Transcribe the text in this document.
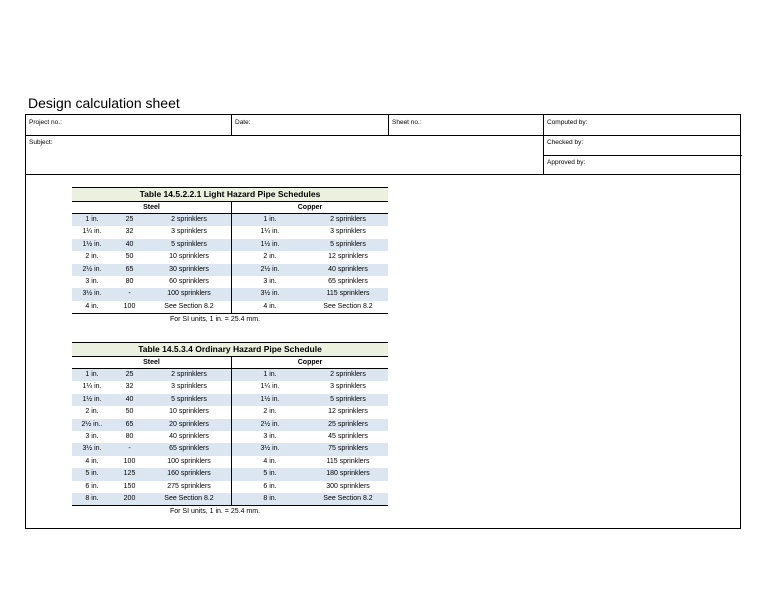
Design calculation sheet
Project no.:	Date:	Sheet no.:	Computed by:
Subject:	Checked by:
Approved by:
Table 14.5.2.2.1 Light Hazard Pipe Schedules
Steel	Copper
1 in.	25	2 sprinklers	1 in.	2 sprinklers
1¼ in.	32	3 sprinklers	1¼ in.	3 sprinklers
1½ in.	40	5 sprinklers	1½ in.	5 sprinklers
2 in.	50	10 sprinklers	2 in.	12 sprinklers
2½ in.	65	30 sprinklers	2½ in.	40 sprinklers
3 in.	80	60 sprinklers	3 in.	65 sprinklers
3½ in.	-	100 sprinklers	3½ in.	115 sprinklers
4 in.	100	See Section 8.2	4 in.	See Section 8.2
For SI units, 1 in. = 25.4 mm.
Table 14.5.3.4 Ordinary Hazard Pipe Schedule
Steel	Copper
1 in.	25	2 sprinklers	1 in.	2 sprinklers
1¼ in.	32	3 sprinklers	1¼ in.	3 sprinklers
1½ in.	40	5 sprinklers	1½ in.	5 sprinklers
2 in.	50	10 sprinklers	2 in.	12 sprinklers
2½ in..	65	20 sprinklers	2½ in.	25 sprinklers
3 in.	80	40 sprinklers	3 in.	45 sprinklers
3½ in.	-	65 sprinklers	3½ in.	75 sprinklers
4 in.	100	100 sprinklers	4 in.	115 sprinklers
5 in.	125	160 sprinklers	5 in.	180 sprinklers
6 in.	150	275 sprinklers	6 in.	300 sprinklers
8 in.	200	See Section 8.2	8 in.	See Section 8.2
For SI units, 1 in. = 25.4 mm.
